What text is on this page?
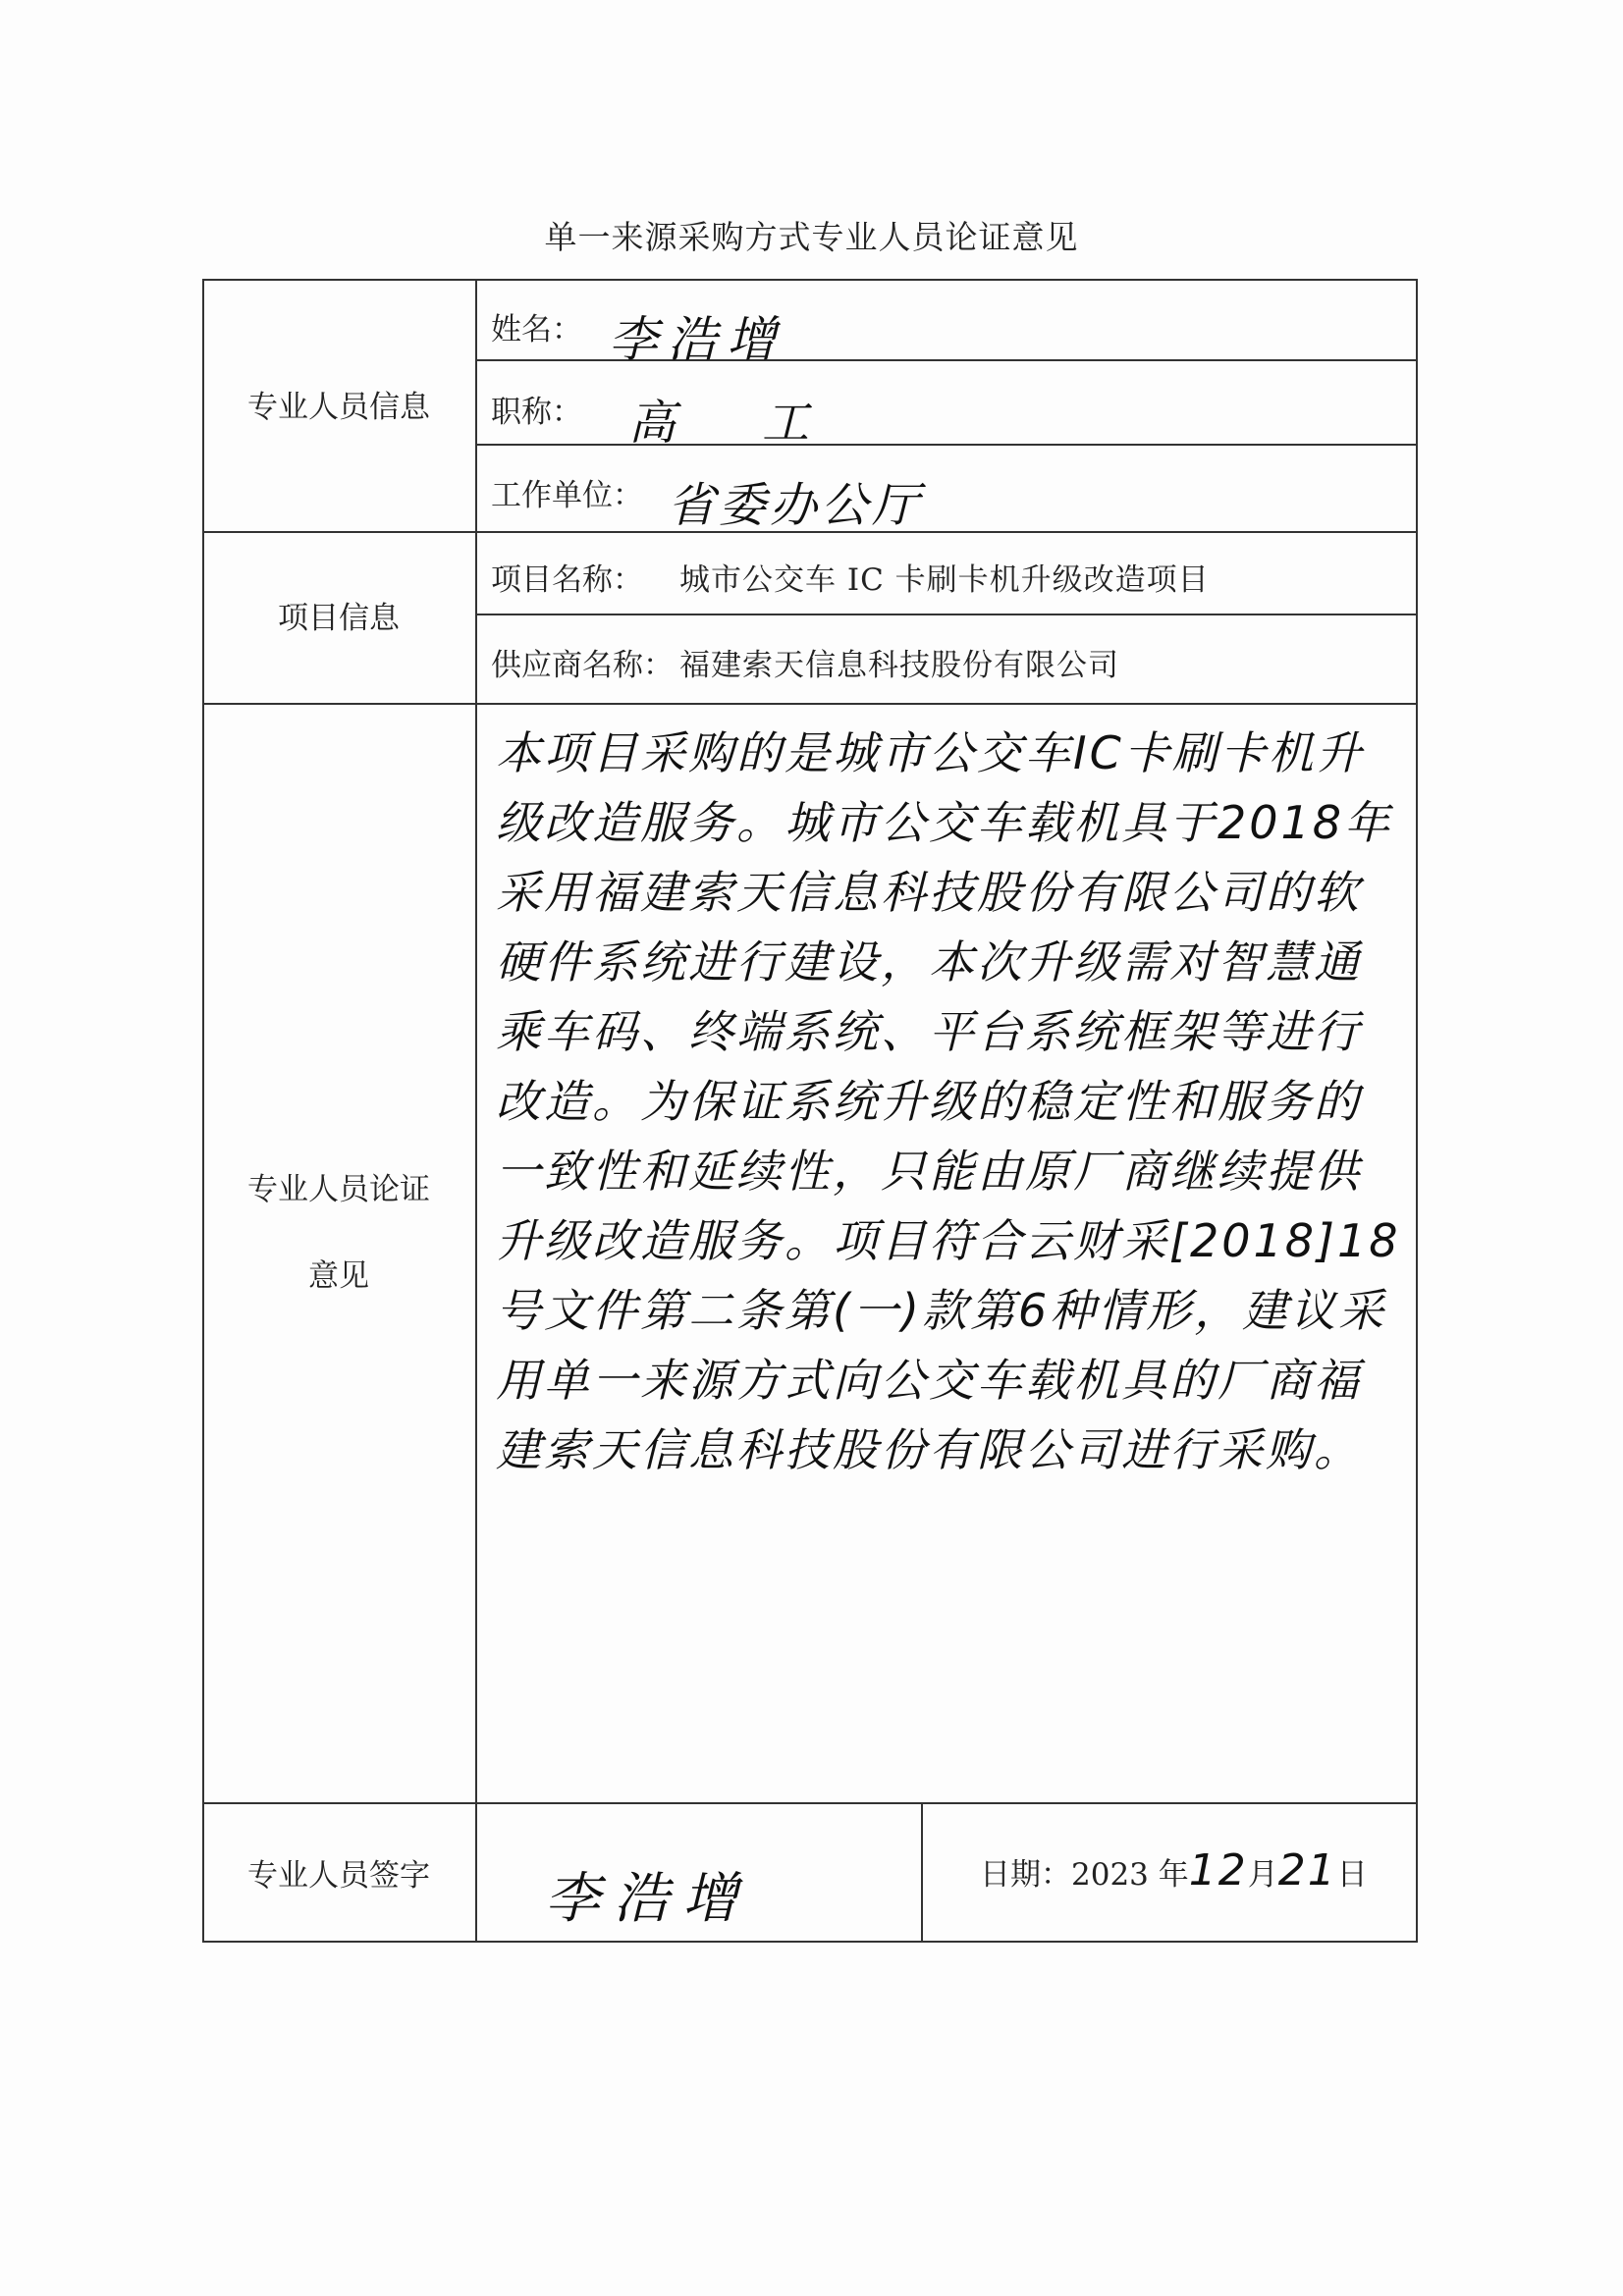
单一来源采购方式专业人员论证意见
专业人员信息
姓名： 李浩增
职称： 高　工
工作单位： 省委办公厅
项目信息
项目名称： 城市公交车 IC 卡刷卡机升级改造项目
供应商名称： 福建索天信息科技股份有限公司
专业人员论证
意见
本项目采购的是城市公交车IC卡刷卡机升级改造服务。城市公交车载机具于2018年采用福建索天信息科技股份有限公司的软硬件系统进行建设，本次升级需对智慧通乘车码、终端系统、平台系统框架等进行改造。为保证系统升级的稳定性和服务的一致性和延续性，只能由原厂商继续提供升级改造服务。项目符合云财采[2018]18号文件第二条第(一)款第6种情形，建议采用单一来源方式向公交车载机具的厂商福建索天信息科技股份有限公司进行采购。
专业人员签字	李浩增	日期：2023 年12月21日
